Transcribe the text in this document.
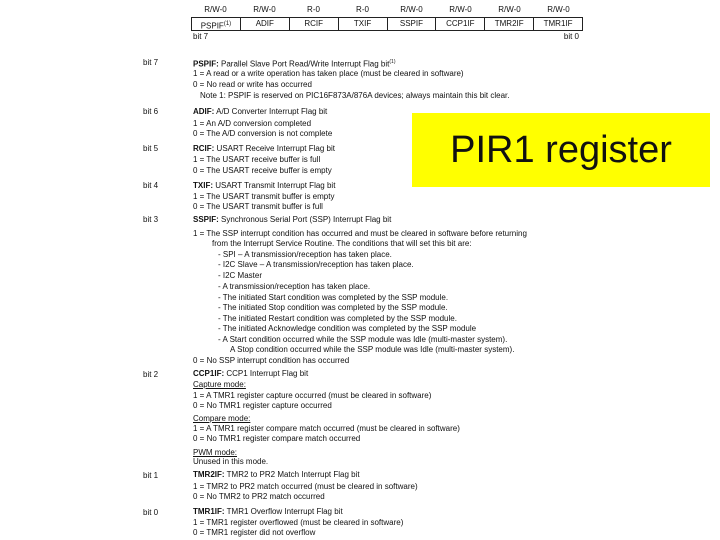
R/W-0	R/W-0	R-0	R-0	R/W-0	R/W-0	R/W-0	R/W-0
PSPIF$^{(1)}$	ADIF	RCIF	TXIF	SSPIF	CCP1IF	TMR2IF	TMR1IF
bit 7	bit 0
bit 7	PSPIF: Parallel Slave Port Read/Write Interrupt Flag bit$^{(1)}$
1 = A read or a write operation has taken place (must be cleared in software)
0 = No read or write has occurred
Note 1: PSPIF is reserved on PIC16F873A/876A devices; always maintain this bit clear.
bit 6	ADIF: A/D Converter Interrupt Flag bit
1 = An A/D conversion completed
0 = The A/D conversion is not complete
bit 5	RCIF: USART Receive Interrupt Flag bit
1 = The USART receive buffer is full
0 = The USART receive buffer is empty
bit 4	TXIF: USART Transmit Interrupt Flag bit
1 = The USART transmit buffer is empty
0 = The USART transmit buffer is full
bit 3	SSPIF: Synchronous Serial Port (SSP) Interrupt Flag bit
1 = The SSP interrupt condition has occurred and must be cleared in software before returning
from the Interrupt Service Routine. The conditions that will set this bit are:
- SPI – A transmission/reception has taken place.
- I2C Slave – A transmission/reception has taken place.
- I2C Master
- A transmission/reception has taken place.
- The initiated Start condition was completed by the SSP module.
- The initiated Stop condition was completed by the SSP module.
- The initiated Restart condition was completed by the SSP module.
- The initiated Acknowledge condition was completed by the SSP module
- A Start condition occurred while the SSP module was Idle (multi-master system).
A Stop condition occurred while the SSP module was Idle (multi-master system).
0 = No SSP interrupt condition has occurred
bit 2	CCP1IF: CCP1 Interrupt Flag bit
Capture mode:
1 = A TMR1 register capture occurred (must be cleared in software)
0 = No TMR1 register capture occurred
Compare mode:
1 = A TMR1 register compare match occurred (must be cleared in software)
0 = No TMR1 register compare match occurred
PWM mode:
Unused in this mode.
bit 1	TMR2IF: TMR2 to PR2 Match Interrupt Flag bit
1 = TMR2 to PR2 match occurred (must be cleared in software)
0 = No TMR2 to PR2 match occurred
bit 0	TMR1IF: TMR1 Overflow Interrupt Flag bit
1 = TMR1 register overflowed (must be cleared in software)
0 = TMR1 register did not overflow
PIR1 register
